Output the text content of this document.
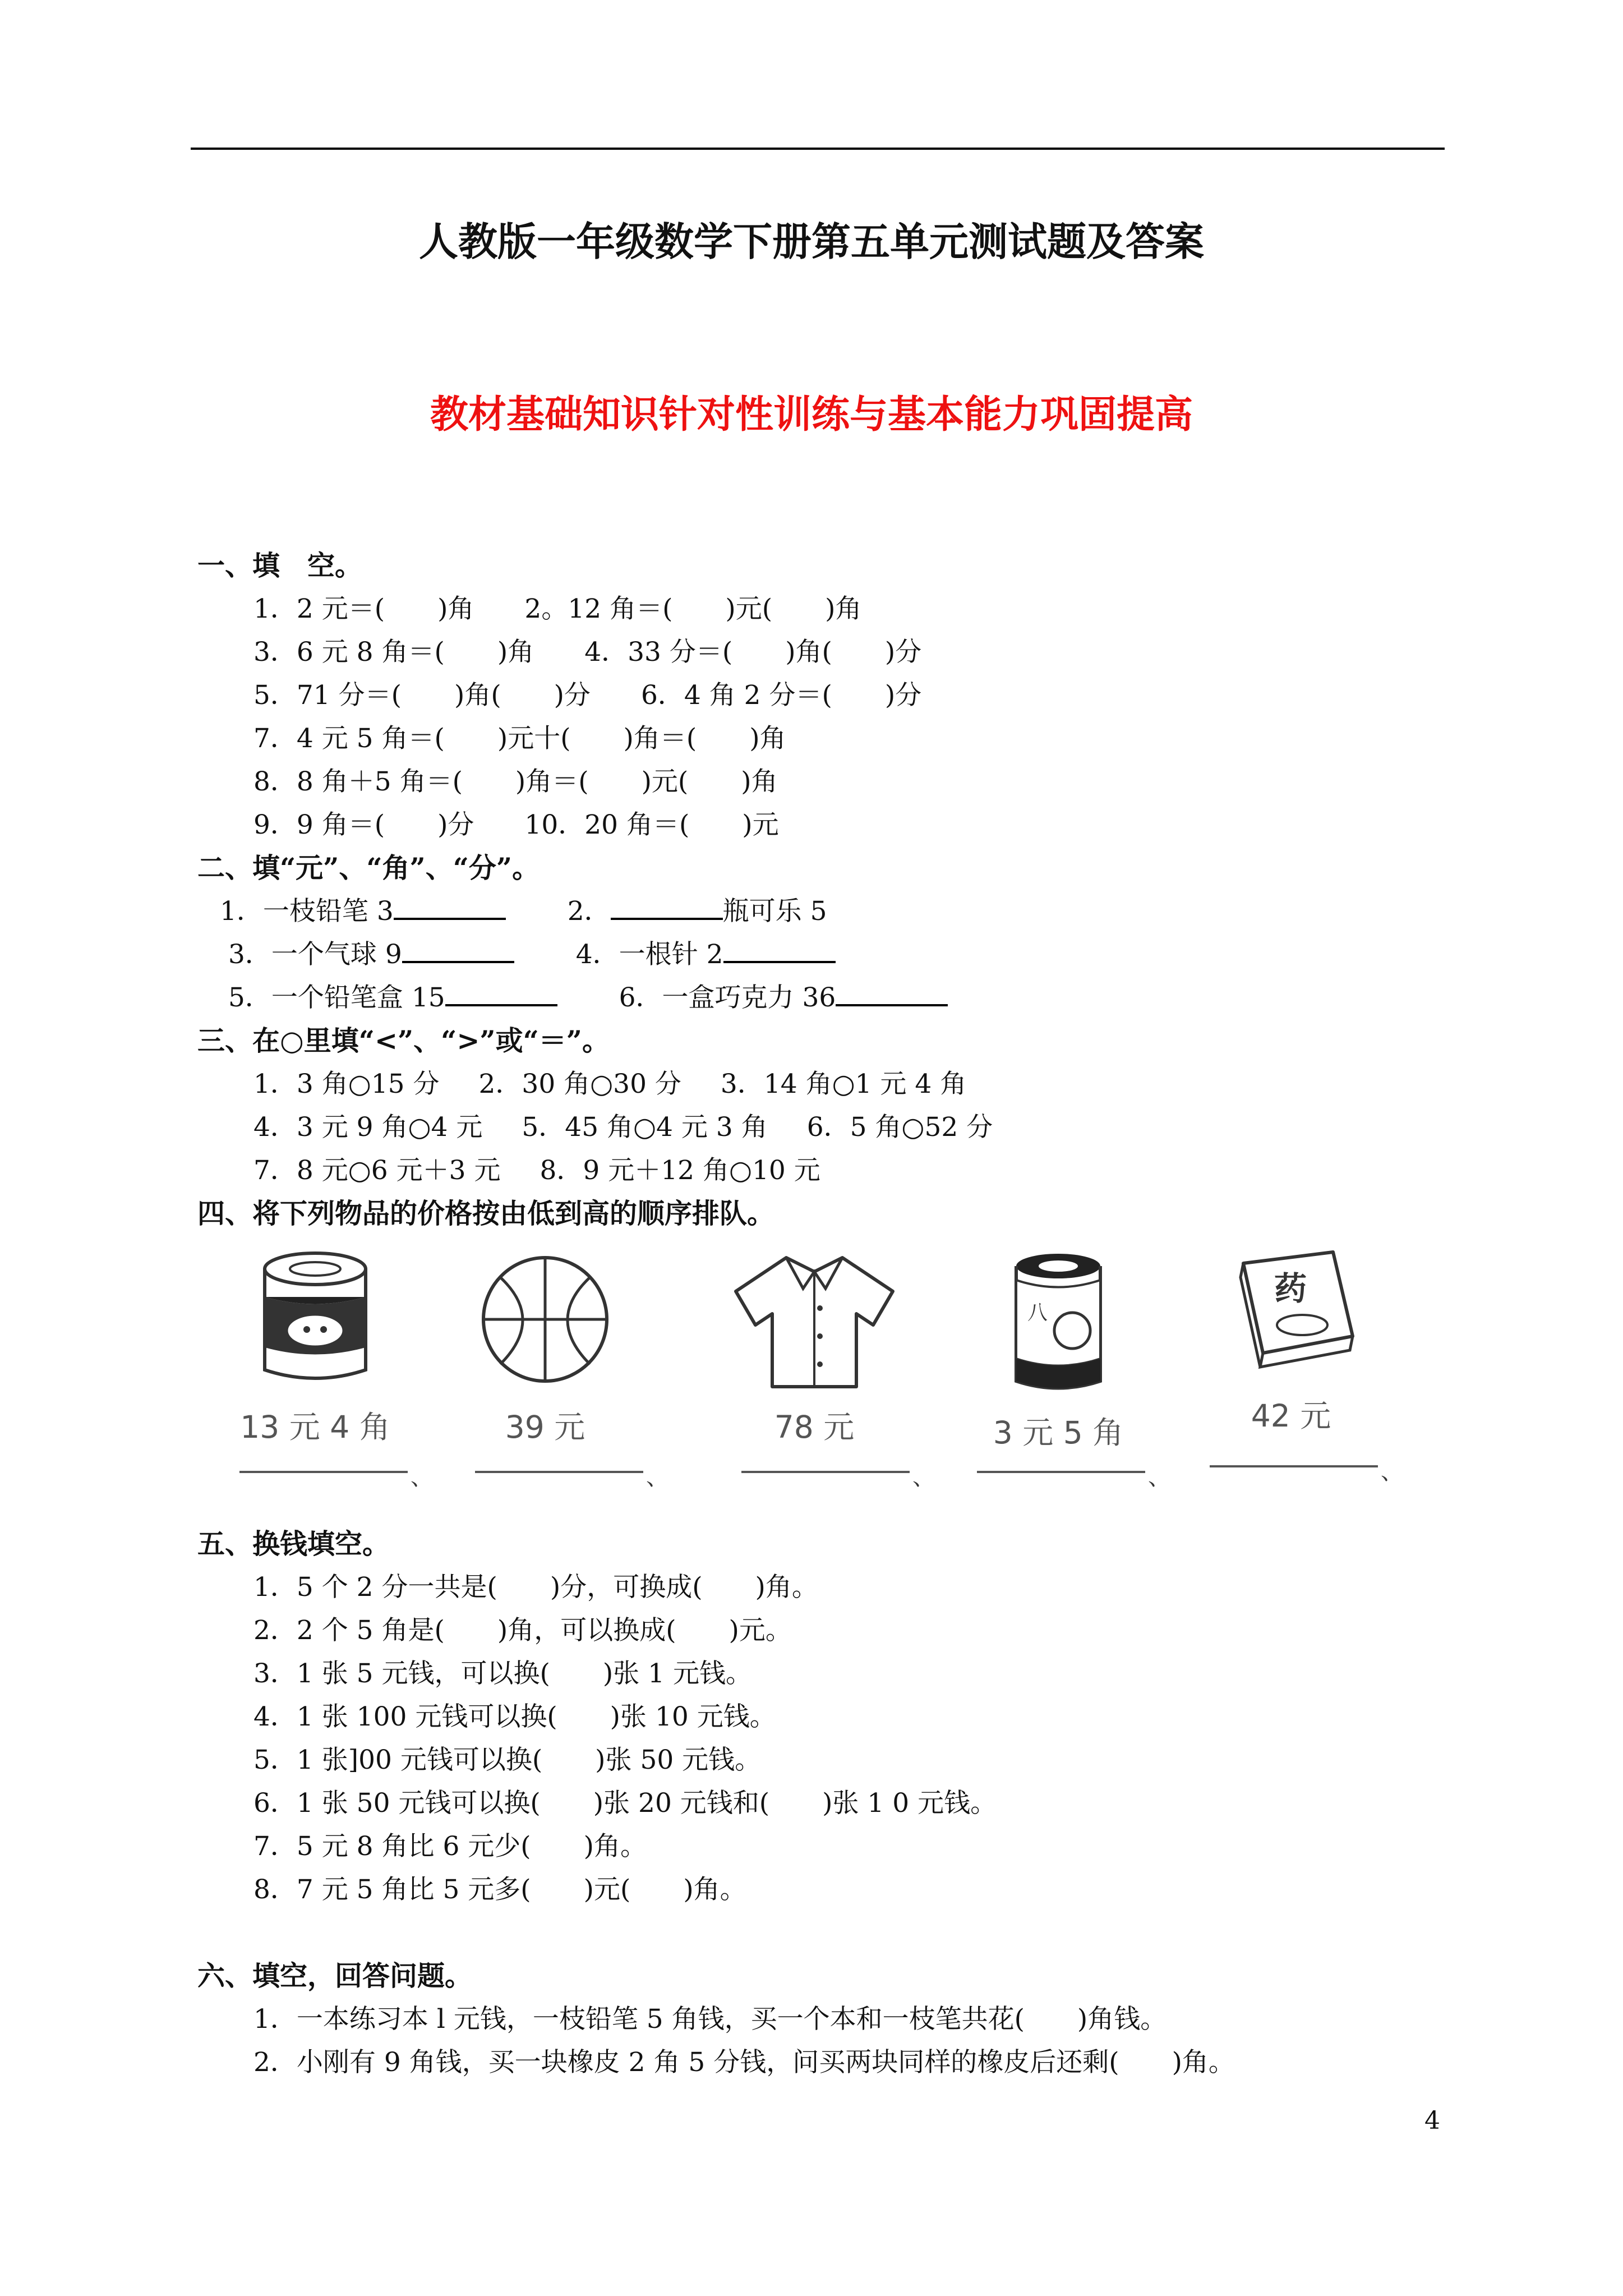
人教版一年级数学下册第五单元测试题及答案
教材基础知识针对性训练与基本能力巩固提高
一、填　空。
1．2 元＝(　　)角 2。12 角＝(　　)元(　　)角
3．6 元 8 角＝(　　)角 4．33 分＝(　　)角(　　)分
5．71 分＝(　　)角(　　)分 6．4 角 2 分＝(　　)分
7．4 元 5 角＝(　　)元十(　　)角＝(　　)角
8．8 角＋5 角＝(　　)角＝(　　)元(　　)角
9．9 角＝(　　)分 10．20 角＝(　　)元
二、填“元”、“角”、“分”。
1．一枝铅笔 3	2．	瓶可乐 5
3．一个气球 9	4．一根针 2
5．一个铅笔盒 15	6．一盒巧克力 36
三、在○里填“<”、“>”或“＝”。
1．3 角○15 分 2．30 角○30 分 3．14 角○1 元 4 角
4．3 元 9 角○4 元 5．45 角○4 元 3 角 6．5 角○52 分
7．8 元○6 元＋3 元 8．9 元＋12 角○10 元
四、将下列物品的价格按由低到高的顺序排队。
13 元 4 角	39 元	78 元
八
3 元 5 角
药
42 元
、	、	、	、	、
五、换钱填空。
1．5 个 2 分一共是(　　)分，可换成(　　)角。
2．2 个 5 角是(　　)角，可以换成(　　)元。
3．1 张 5 元钱，可以换(　　)张 1 元钱。
4．1 张 100 元钱可以换(　　)张 10 元钱。
5．1 张]00 元钱可以换(　　)张 50 元钱。
6．1 张 50 元钱可以换(　　)张 20 元钱和(　　)张 1 0 元钱。
7．5 元 8 角比 6 元少(　　)角。
8．7 元 5 角比 5 元多(　　)元(　　)角。
六、填空，回答问题。
1．一本练习本 l 元钱，一枝铅笔 5 角钱，买一个本和一枝笔共花(　　)角钱。
2．小刚有 9 角钱，买一块橡皮 2 角 5 分钱，问买两块同样的橡皮后还剩(　　)角。
4
